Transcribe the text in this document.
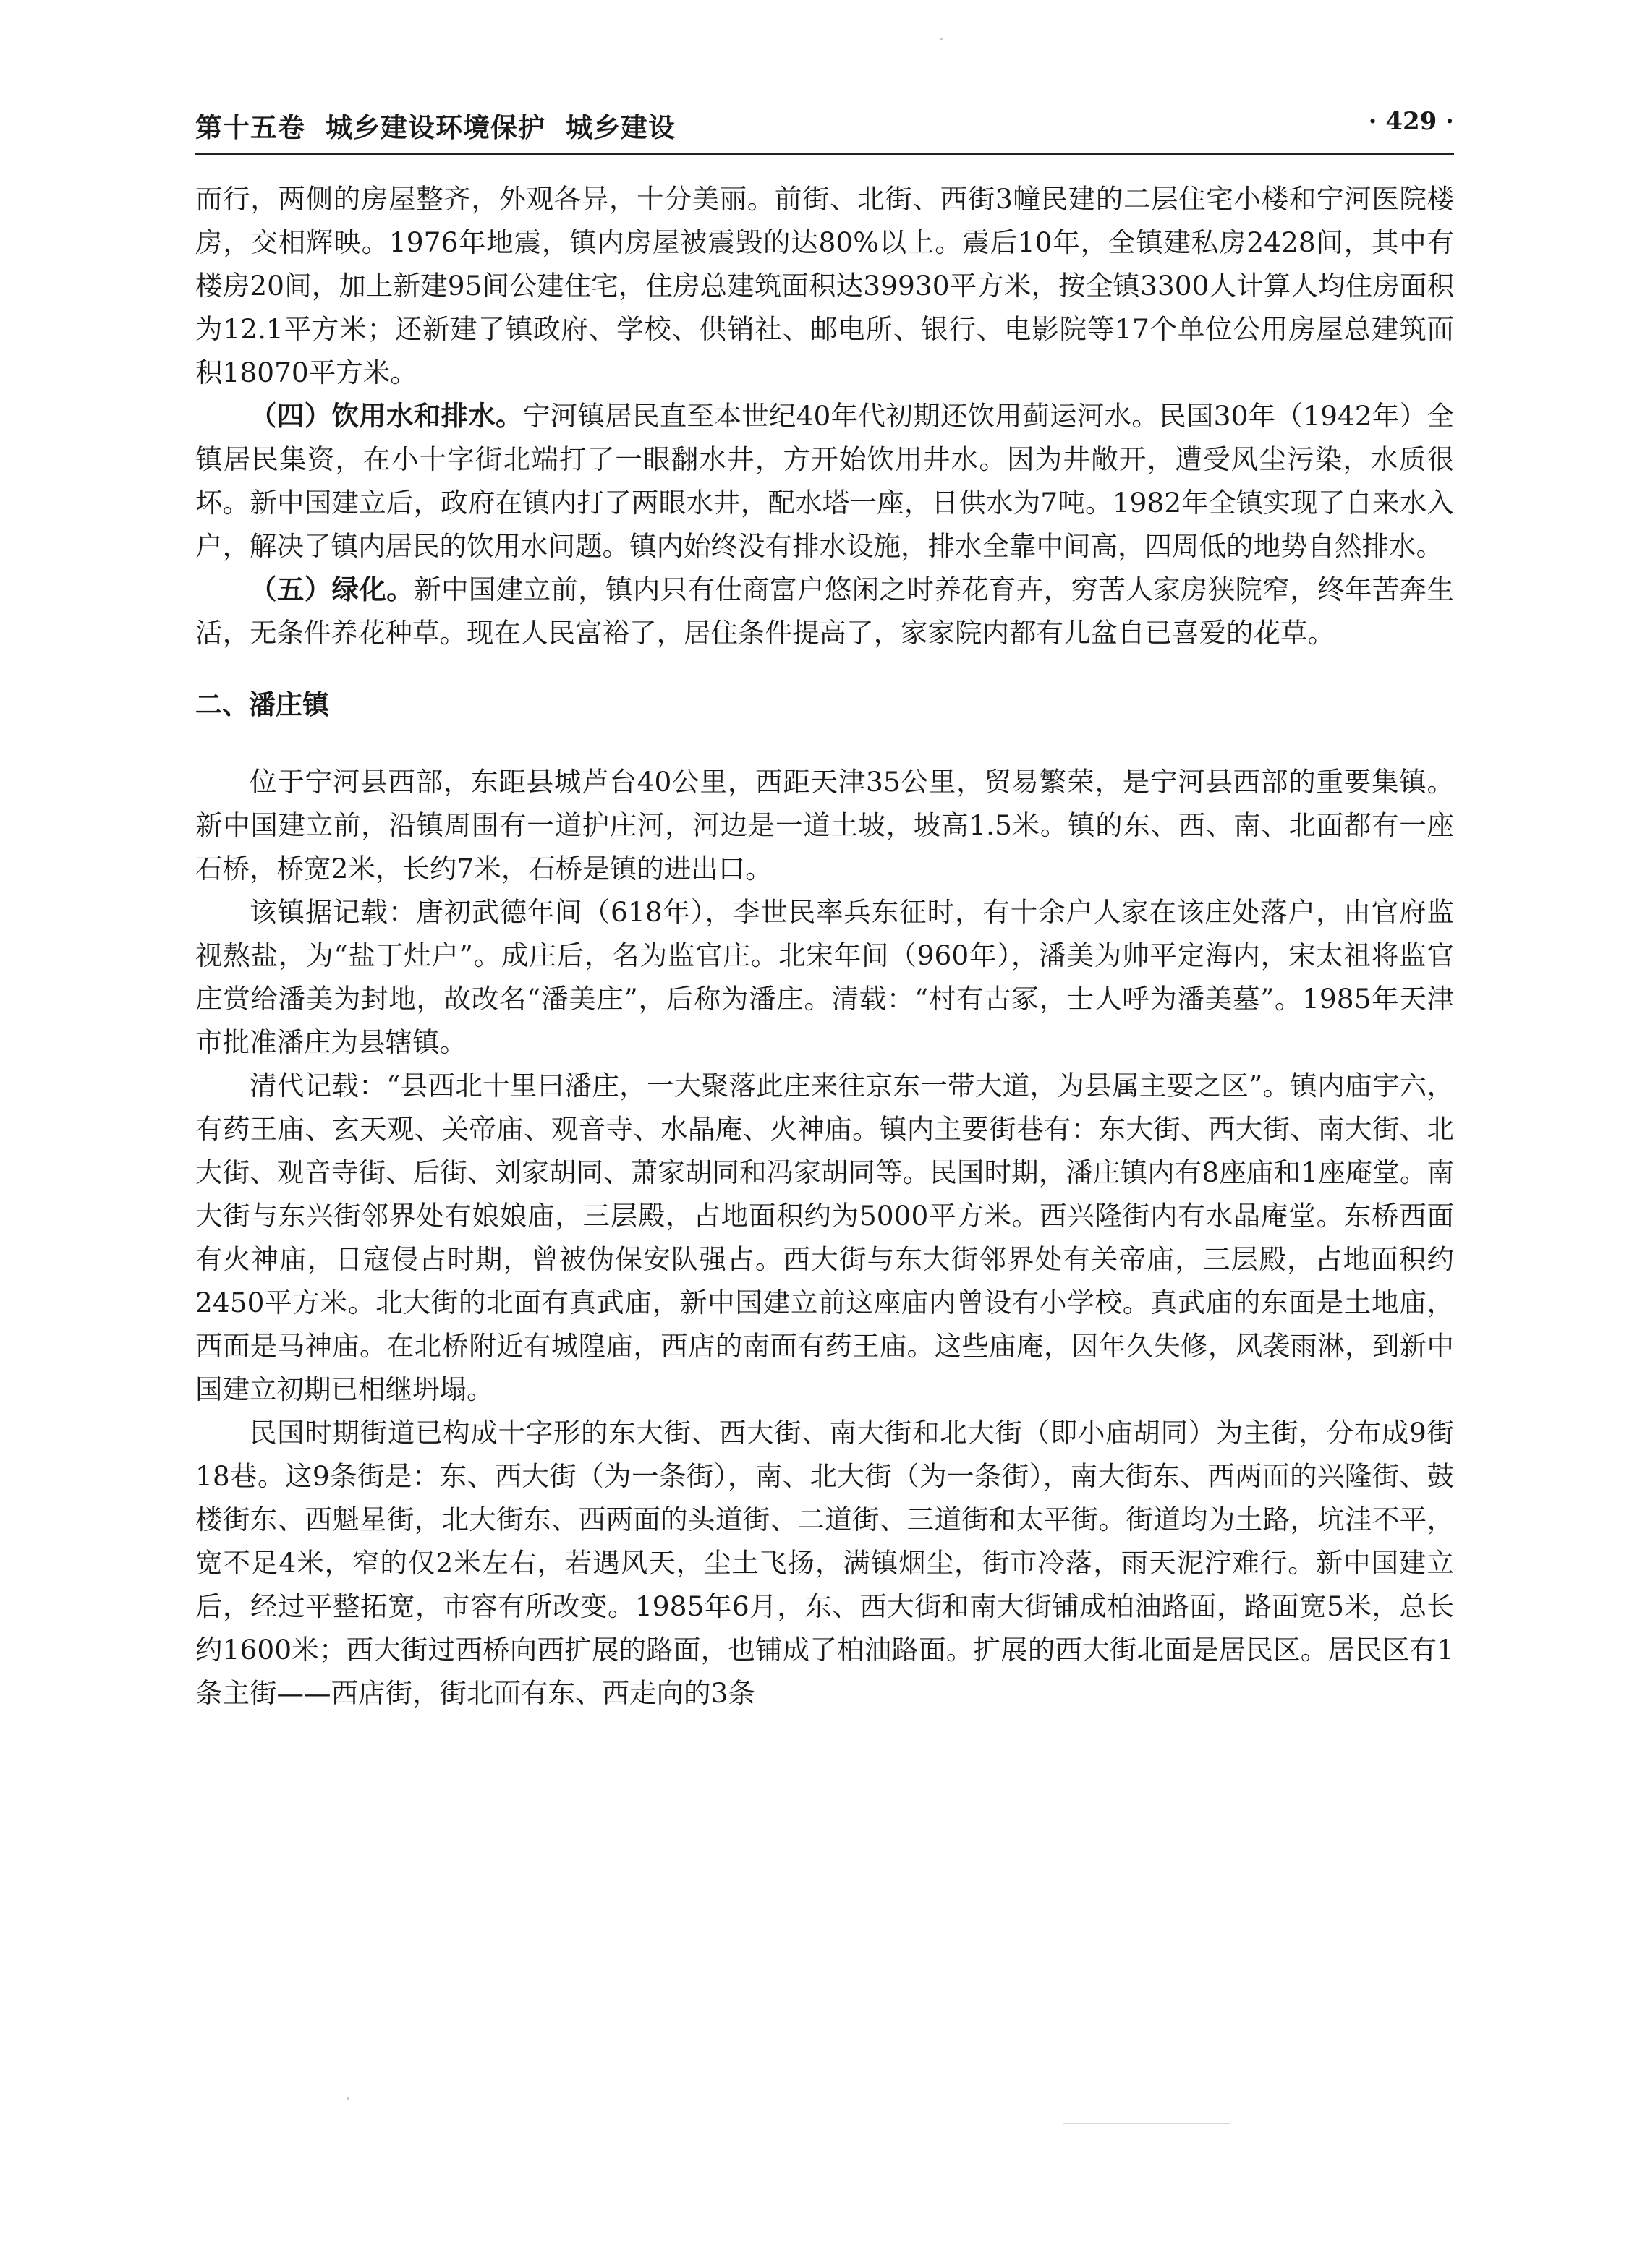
第十五卷 城乡建设环境保护 城乡建设	· 429 ·

而行，两侧的房屋整齐，外观各异，十分美丽。前街、北街、西街3幢民建的二层住宅小楼和宁河医院楼房，交相辉映。1976年地震，镇内房屋被震毁的达80%以上。震后10年，全镇建私房2428间，其中有楼房20间，加上新建95间公建住宅，住房总建筑面积达39930平方米，按全镇3300人计算人均住房面积为12.1平方米；还新建了镇政府、学校、供销社、邮电所、银行、电影院等17个单位公用房屋总建筑面积18070平方米。

（四）饮用水和排水。宁河镇居民直至本世纪40年代初期还饮用蓟运河水。民国30年（1942年）全镇居民集资，在小十字街北端打了一眼翻水井，方开始饮用井水。因为井敞开，遭受风尘污染，水质很坏。新中国建立后，政府在镇内打了两眼水井，配水塔一座，日供水为7吨。1982年全镇实现了自来水入户，解决了镇内居民的饮用水问题。镇内始终没有排水设施，排水全靠中间高，四周低的地势自然排水。

（五）绿化。新中国建立前，镇内只有仕商富户悠闲之时养花育卉，穷苦人家房狭院窄，终年苦奔生活，无条件养花种草。现在人民富裕了，居住条件提高了，家家院内都有儿盆自已喜爱的花草。

二、潘庄镇

位于宁河县西部，东距县城芦台40公里，西距天津35公里，贸易繁荣，是宁河县西部的重要集镇。新中国建立前，沿镇周围有一道护庄河，河边是一道土坡，坡高1.5米。镇的东、西、南、北面都有一座石桥，桥宽2米，长约7米，石桥是镇的进出口。

该镇据记载：唐初武德年间（618年），李世民率兵东征时，有十余户人家在该庄处落户，由官府监视熬盐，为“盐丁灶户”。成庄后，名为监官庄。北宋年间（960年），潘美为帅平定海内，宋太祖将监官庄赏给潘美为封地，故改名“潘美庄”，后称为潘庄。清载：“村有古冢，士人呼为潘美墓”。1985年天津市批准潘庄为县辖镇。

清代记载：“县西北十里曰潘庄，一大聚落此庄来往京东一带大道，为县属主要之区”。镇内庙宇六，有药王庙、玄天观、关帝庙、观音寺、水晶庵、火神庙。镇内主要街巷有：东大街、西大街、南大街、北大街、观音寺街、后街、刘家胡同、萧家胡同和冯家胡同等。民国时期，潘庄镇内有8座庙和1座庵堂。南大街与东兴街邻界处有娘娘庙，三层殿，占地面积约为5000平方米。西兴隆街内有水晶庵堂。东桥西面有火神庙，日寇侵占时期，曾被伪保安队强占。西大街与东大街邻界处有关帝庙，三层殿，占地面积约2450平方米。北大街的北面有真武庙，新中国建立前这座庙内曾设有小学校。真武庙的东面是土地庙，西面是马神庙。在北桥附近有城隍庙，西店的南面有药王庙。这些庙庵，因年久失修，风袭雨淋，到新中国建立初期已相继坍塌。

民国时期街道已构成十字形的东大街、西大街、南大街和北大街（即小庙胡同）为主街，分布成9街18巷。这9条街是：东、西大街（为一条街），南、北大街（为一条街），南大街东、西两面的兴隆街、鼓楼街东、西魁星街，北大街东、西两面的头道街、二道街、三道街和太平街。街道均为土路，坑洼不平，宽不足4米，窄的仅2米左右，若遇风天，尘土飞扬，满镇烟尘，街市冷落，雨天泥泞难行。新中国建立后，经过平整拓宽，市容有所改变。1985年6月，东、西大街和南大街铺成柏油路面，路面宽5米，总长约1600米；西大街过西桥向西扩展的路面，也铺成了柏油路面。扩展的西大街北面是居民区。居民区有1条主街——西店街，街北面有东、西走向的3条
